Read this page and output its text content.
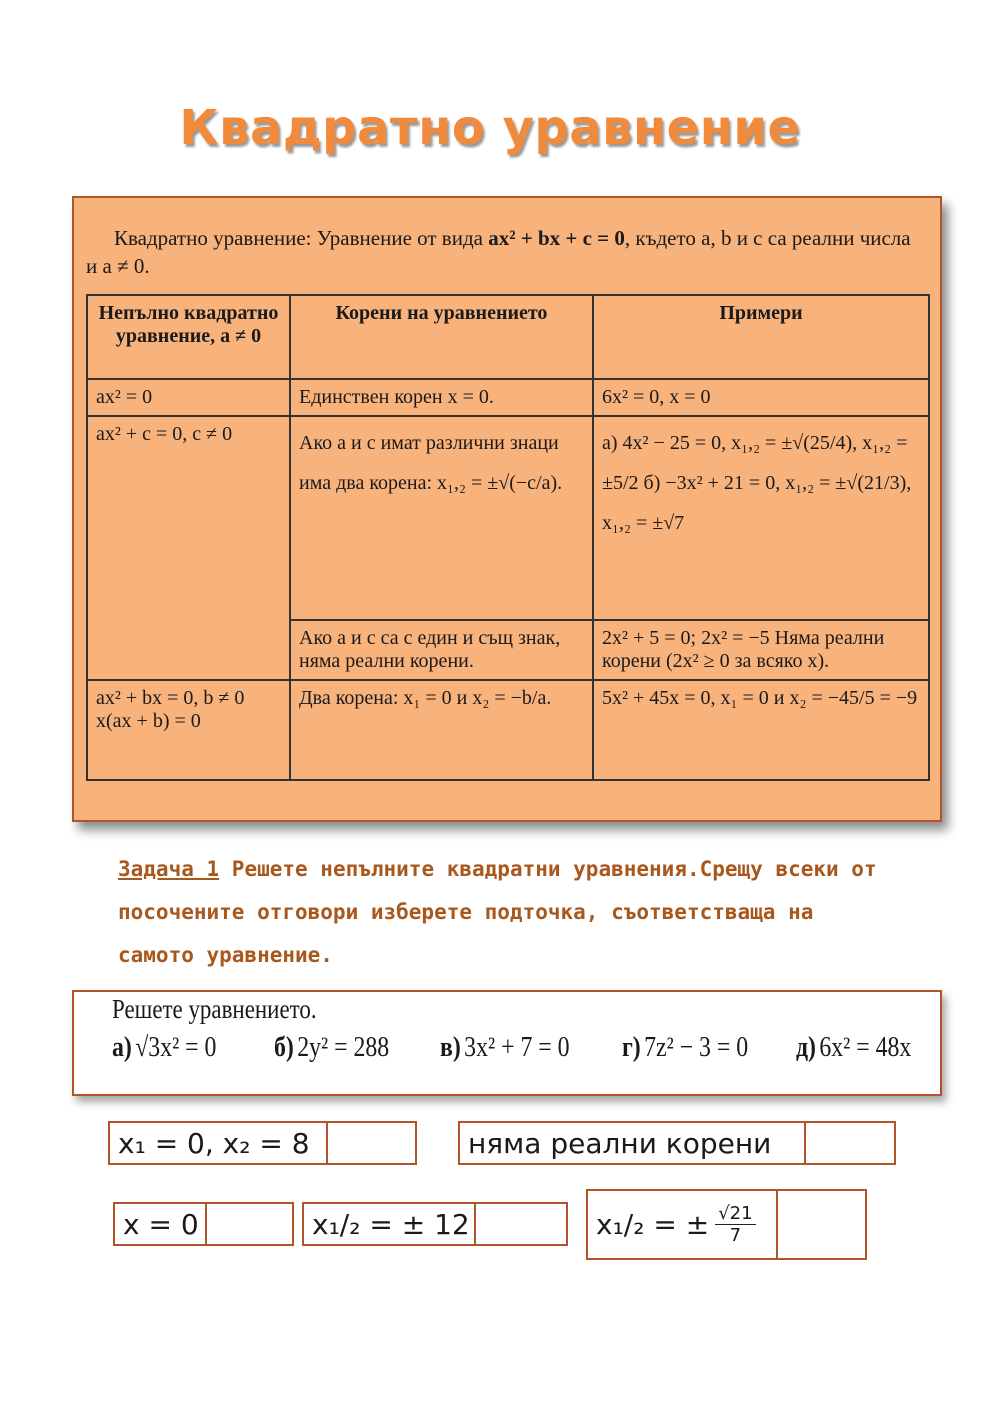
Квадратно уравнение
Квадратно уравнение: Уравнение от вида ax² + bx + c = 0, където a, b и c са реални числа и a ≠ 0.
Непълно квадратно уравнение, a ≠ 0	Корени на уравнението	Примери
ax² = 0	Единствен корен x = 0.	6x² = 0, x = 0
ax² + c = 0, c ≠ 0	Ако a и c имат различни знаци има два корена: x₁,₂ = ±√(−c/a).	а) 4x² − 25 = 0, x₁,₂ = ±√(25/4), x₁,₂ = ±5/2 б) −3x² + 21 = 0, x₁,₂ = ±√(21/3), x₁,₂ = ±√7
	Ако a и c са с един и същ знак, няма реални корени.	2x² + 5 = 0; 2x² = −5 Няма реални корени (2x² ≥ 0 за всяко x).
ax² + bx = 0, b ≠ 0 x(ax + b) = 0	Два корена: x₁ = 0 и x₂ = −b/a.	5x² + 45x = 0, x₁ = 0 и x₂ = −45/5 = −9
Задача 1 Решете непълните квадратни уравнения.Срещу всеки от посочените отговори изберете подточка, съответстваща на самото уравнение.
Решете уравнението.
а) √3x² = 0 б) 2y² = 288 в) 3x² + 7 = 0 г) 7z² − 3 = 0 д) 6x² = 48x
x₁ = 0, x₂ = 8	няма реални корени
x = 0	x₁/₂ = ± 12	x₁/₂ = ± $\frac{√21}{7}$
